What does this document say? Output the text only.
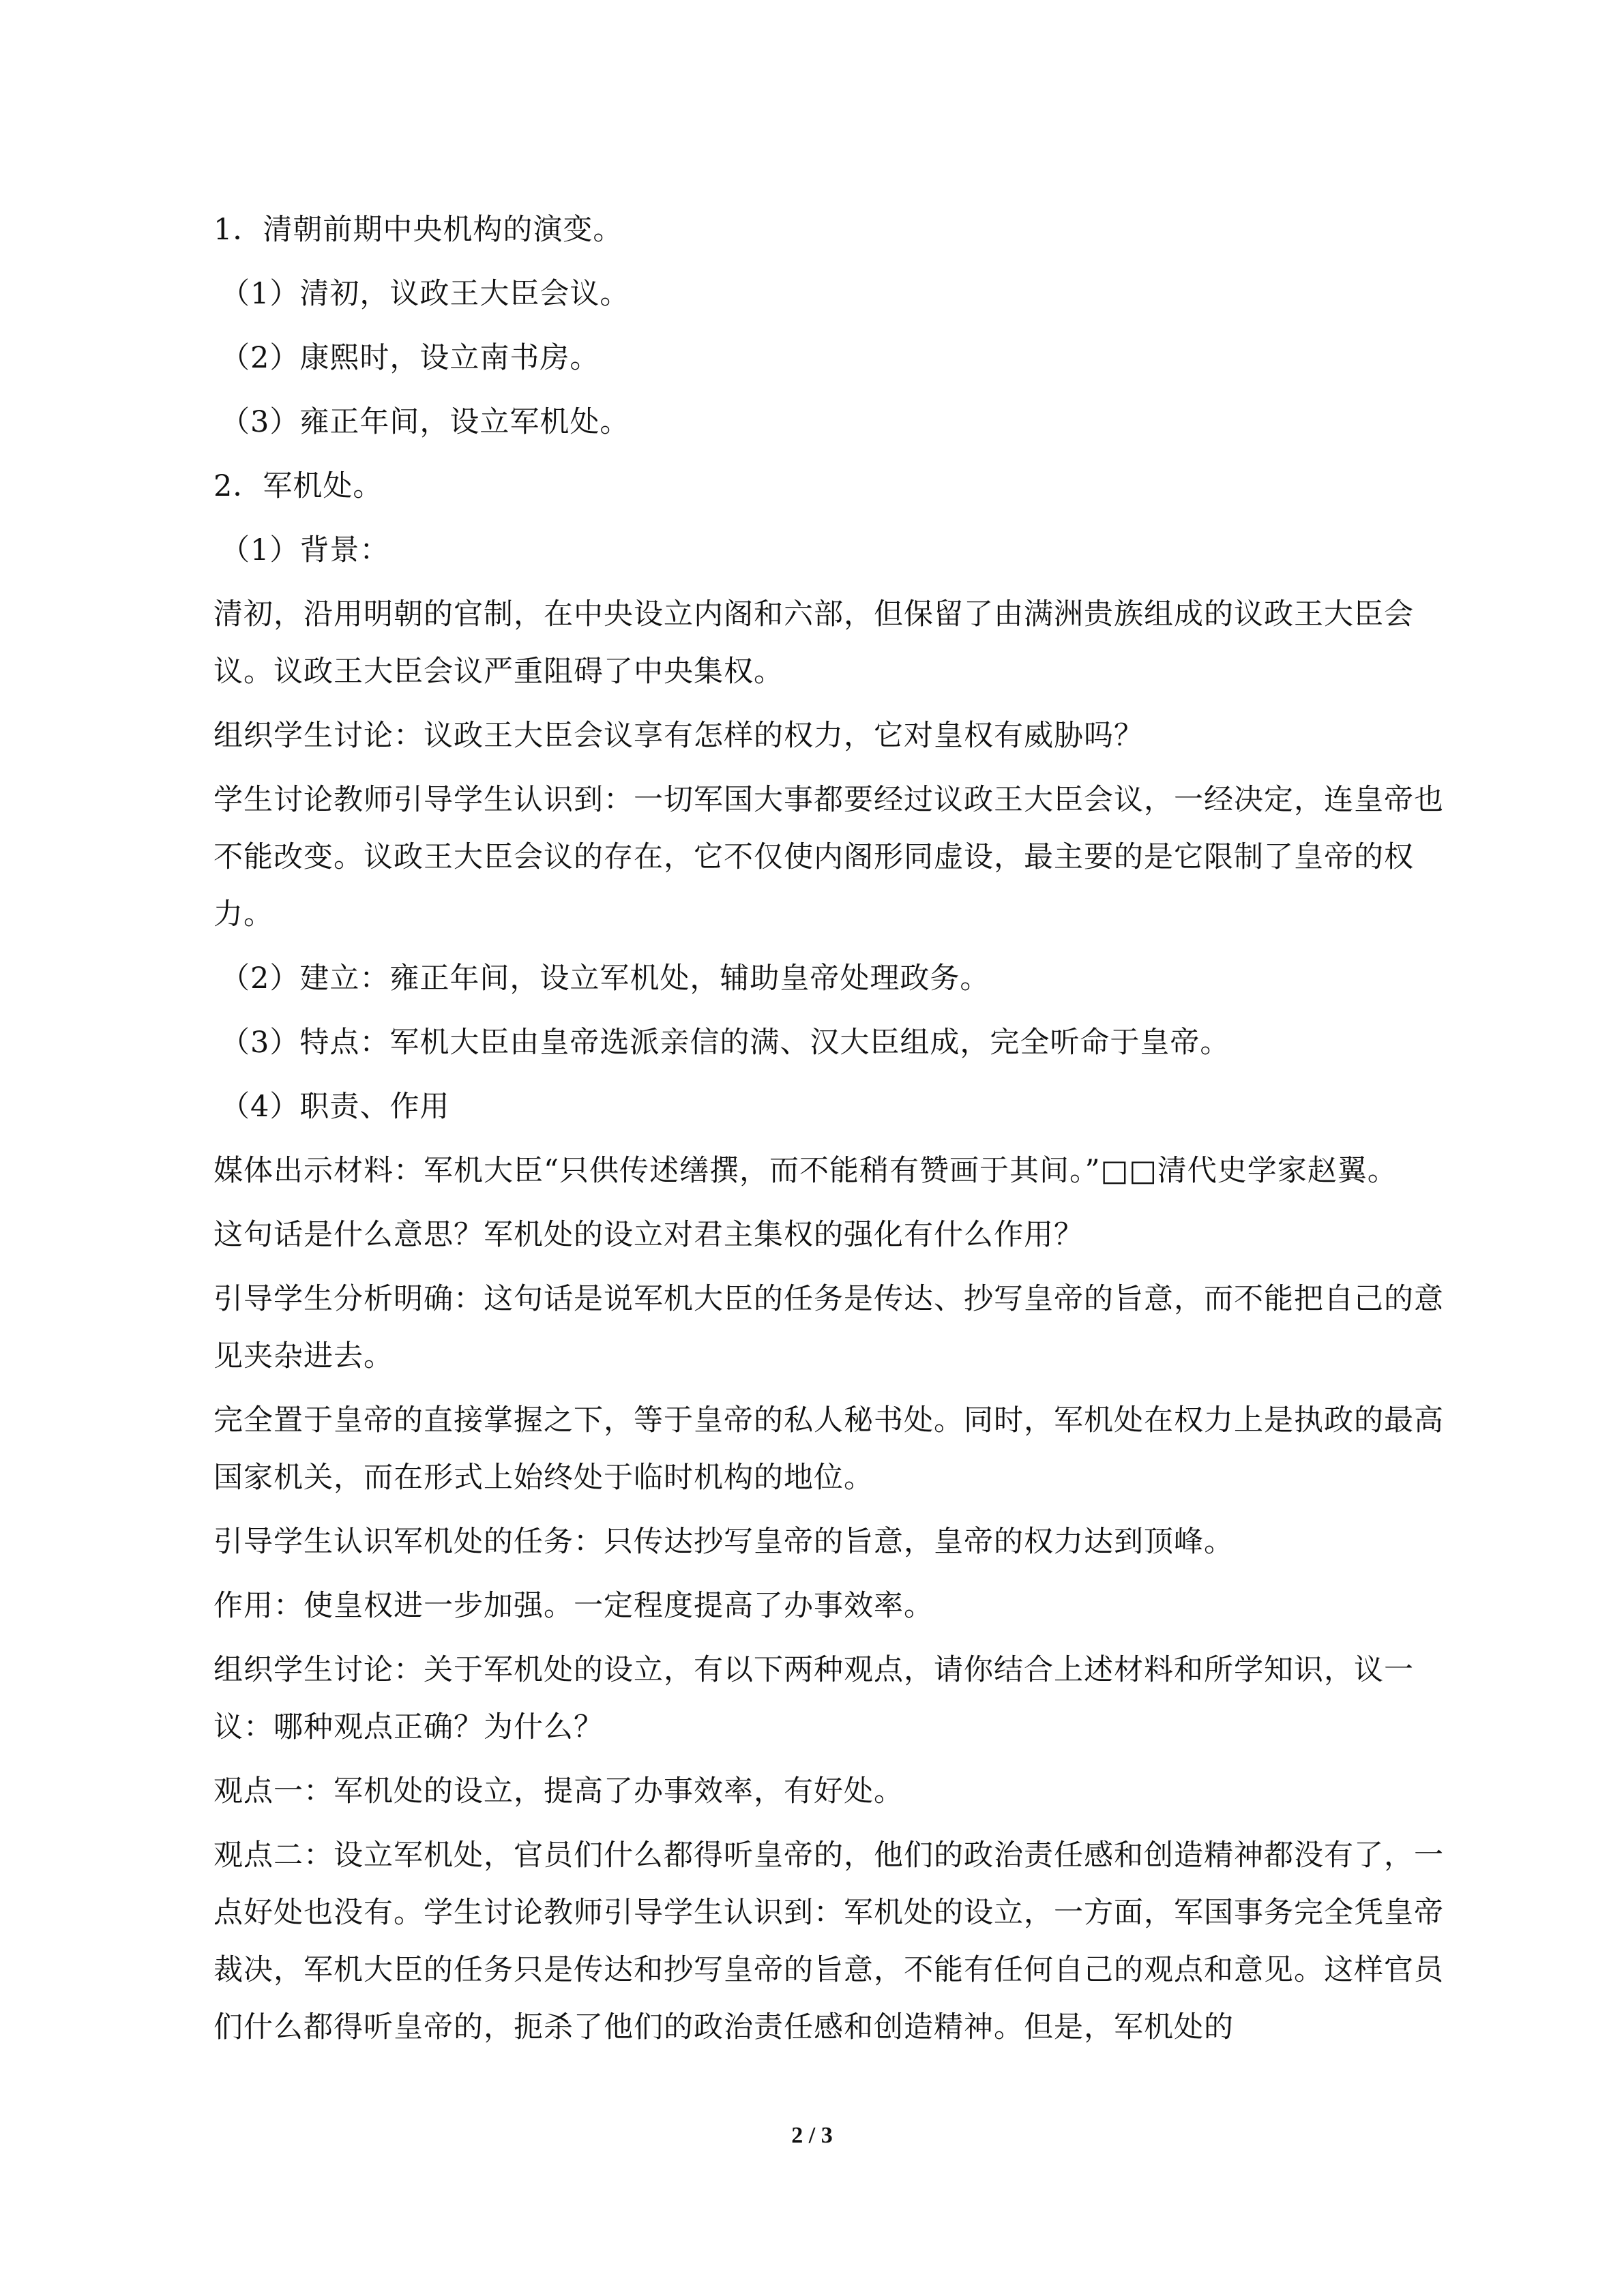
1．清朝前期中央机构的演变。

（1）清初，议政王大臣会议。

（2）康熙时，设立南书房。

（3）雍正年间，设立军机处。

2．军机处。

（1）背景：

清初，沿用明朝的官制，在中央设立内阁和六部，但保留了由满洲贵族组成的议政王大臣会议。议政王大臣会议严重阻碍了中央集权。

组织学生讨论：议政王大臣会议享有怎样的权力，它对皇权有威胁吗？

学生讨论教师引导学生认识到：一切军国大事都要经过议政王大臣会议，一经决定，连皇帝也不能改变。议政王大臣会议的存在，它不仅使内阁形同虚设，最主要的是它限制了皇帝的权力。

（2）建立：雍正年间，设立军机处，辅助皇帝处理政务。

（3）特点：军机大臣由皇帝选派亲信的满、汉大臣组成，完全听命于皇帝。

（4）职责、作用

媒体出示材料：军机大臣“只供传述缮撰，而不能稍有赞画于其间。”□□清代史学家赵翼。

这句话是什么意思？军机处的设立对君主集权的强化有什么作用？

引导学生分析明确：这句话是说军机大臣的任务是传达、抄写皇帝的旨意，而不能把自己的意见夹杂进去。

完全置于皇帝的直接掌握之下，等于皇帝的私人秘书处。同时，军机处在权力上是执政的最高国家机关，而在形式上始终处于临时机构的地位。

引导学生认识军机处的任务：只传达抄写皇帝的旨意，皇帝的权力达到顶峰。

作用：使皇权进一步加强。一定程度提高了办事效率。

组织学生讨论：关于军机处的设立，有以下两种观点，请你结合上述材料和所学知识，议一议：哪种观点正确？为什么？

观点一：军机处的设立，提高了办事效率，有好处。

观点二：设立军机处，官员们什么都得听皇帝的，他们的政治责任感和创造精神都没有了，一点好处也没有。学生讨论教师引导学生认识到：军机处的设立，一方面，军国事务完全凭皇帝裁决，军机大臣的任务只是传达和抄写皇帝的旨意，不能有任何自己的观点和意见。这样官员们什么都得听皇帝的，扼杀了他们的政治责任感和创造精神。但是，军机处的

2 / 3
